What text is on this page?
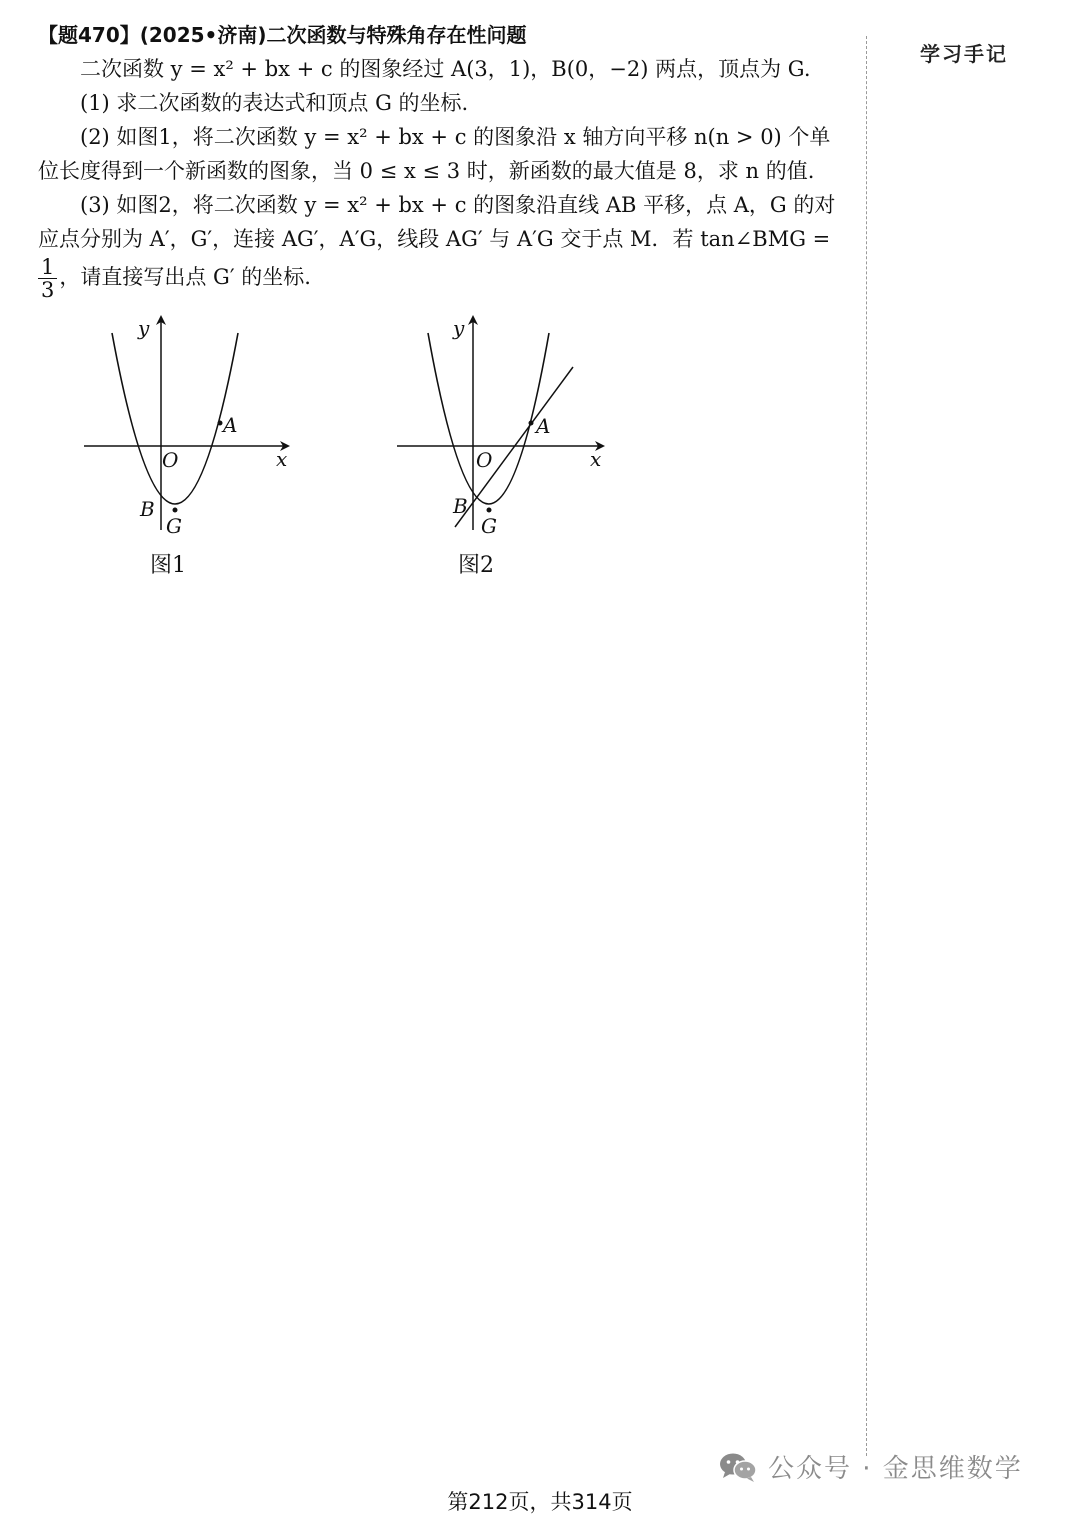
【题470】(2025•济南)二次函数与特殊角存在性问题

二次函数 y = x² + bx + c 的图象经过 A(3，1)，B(0，−2) 两点，顶点为 G.

(1) 求二次函数的表达式和顶点 G 的坐标.

(2) 如图1，将二次函数 y = x² + bx + c 的图象沿 x 轴方向平移 n(n > 0) 个单位长度得到一个新函数的图象，当 0 ≤ x ≤ 3 时，新函数的最大值是 8，求 n 的值.

(3) 如图2，将二次函数 y = x² + bx + c 的图象沿直线 AB 平移，点 A，G 的对应点分别为 A′，G′，连接 AG′，A′G，线段 AG′ 与 A′G 交于点 M．若 tan∠BMG =

$\frac{1}{3}$ ，请直接写出点 G′ 的坐标.

学习手记
y
x
O
A
B
G
图1
y
x
O
A
B
G
图2
公众号 · 金思维数学
第212页，共314页
